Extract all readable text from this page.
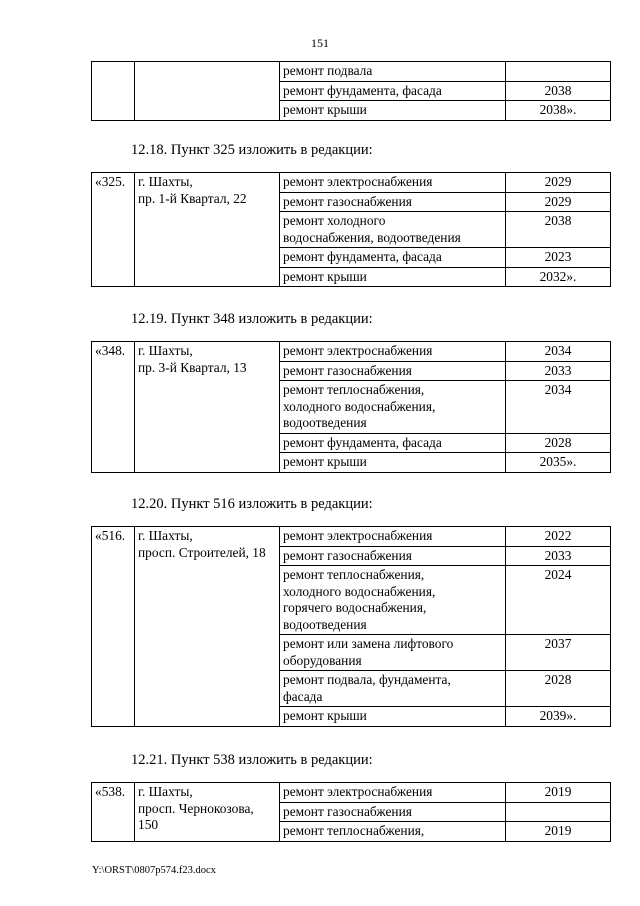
151
		ремонт подвала	
		ремонт фундамента, фасада	2038
		ремонт крыши	2038».
12.18. Пункт 325 изложить в редакции:
«325.	г. Шахты,
пр. 1-й Квартал, 22	ремонт электроснабжения	2029
		ремонт газоснабжения	2029
		ремонт холодного
водоснабжения, водоотведения	2038
		ремонт фундамента, фасада	2023
		ремонт крыши	2032».
12.19. Пункт 348 изложить в редакции:
«348.	г. Шахты,
пр. 3-й Квартал, 13	ремонт электроснабжения	2034
		ремонт газоснабжения	2033
		ремонт теплоснабжения,
холодного водоснабжения,
водоотведения	2034
		ремонт фундамента, фасада	2028
		ремонт крыши	2035».
12.20. Пункт 516 изложить в редакции:
«516.	г. Шахты,
просп. Строителей, 18	ремонт электроснабжения	2022
		ремонт газоснабжения	2033
		ремонт теплоснабжения,
холодного водоснабжения,
горячего водоснабжения,
водоотведения	2024
		ремонт или замена лифтового
оборудования	2037
		ремонт подвала, фундамента,
фасада	2028
		ремонт крыши	2039».
12.21. Пункт 538 изложить в редакции:
«538.	г. Шахты,
просп. Чернокозова,
150	ремонт электроснабжения	2019
		ремонт газоснабжения	
		ремонт теплоснабжения,	2019
Y:\ORST\0807p574.f23.docx
